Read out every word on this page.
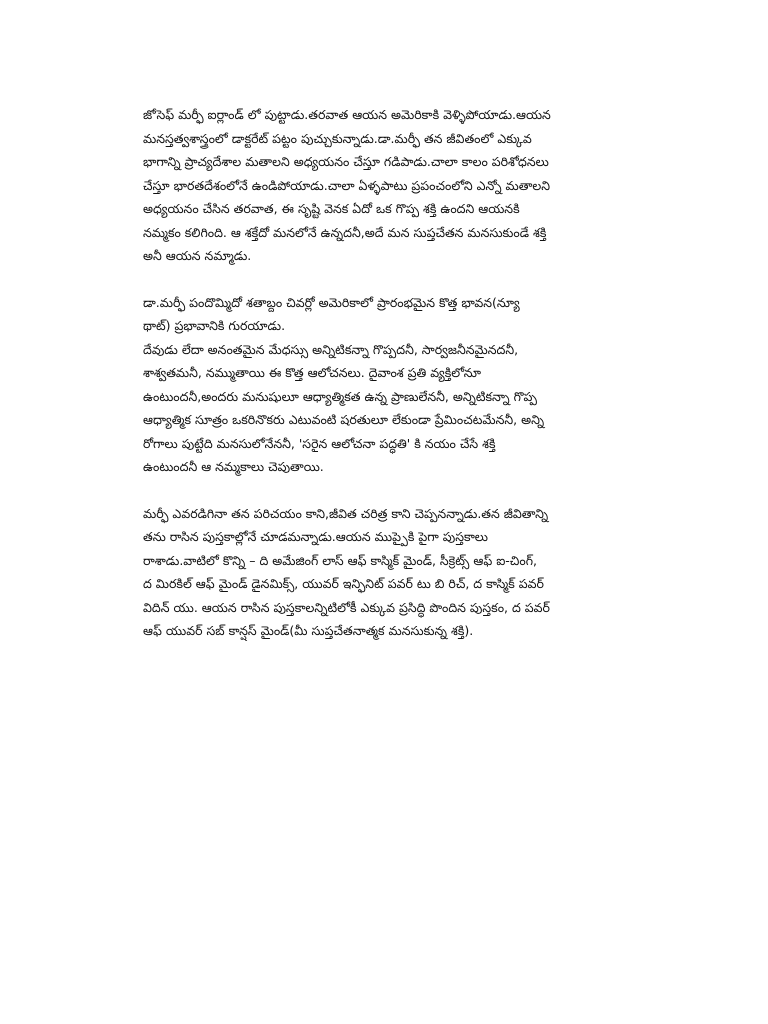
జోసెఫ్ మర్ఫీ ఐర్లాండ్ లో పుట్టాడు.తరవాత ఆయన అమెరికాకి వెళ్ళిపోయాడు.ఆయన
మనస్తత్వశాస్త్రంలో డాక్టరేట్ పట్టం పుచ్చుకున్నాడు.డా.మర్ఫీ తన జీవితంలో ఎక్కువ
భాగాన్ని ప్రాచ్యదేశాల మతాలని అధ్యయనం చేస్తూ గడిపాడు.చాలా కాలం పరిశోధనలు
చేస్తూ భారతదేశంలోనే ఉండిపోయాడు.చాలా ఏళ్ళపాటు ప్రపంచంలోని ఎన్నో మతాలని
అధ్యయనం చేసిన తరవాత, ఈ సృష్టి వెనక ఏదో ఒక గొప్ప శక్తి ఉందని ఆయనకి
నమ్మకం కలిగింది. ఆ శక్తేదో మనలోనే ఉన్నదనీ,అదే మన సుప్తచేతన మనసుకుండే శక్తి
అనీ ఆయన నమ్మాడు.
డా.మర్ఫీ పందొమ్మిదో శతాబ్దం చివర్లో అమెరికాలో ప్రారంభమైన కొత్త భావన(న్యూ
థాట్) ప్రభావానికి గురయాడు.
దేవుడు లేదా అనంతమైన మేధస్సు అన్నిటికన్నా గొప్పదనీ, సార్వజనీనమైనదనీ,
శాశ్వతమనీ, నమ్ముతాయి ఈ కొత్త ఆలోచనలు. దైవాంశ ప్రతి వ్యక్తిలోనూ
ఉంటుందనీ,అందరు మనుషులూ ఆధ్యాత్మికత ఉన్న ప్రాణులేననీ, అన్నిటికన్నా గొప్ప
ఆధ్యాత్మిక సూత్రం ఒకరినొకరు ఎటువంటి షరతులూ లేకుండా ప్రేమించటమేననీ, అన్ని
రోగాలు పుట్టేది మనసులోనేననీ, 'సరైన ఆలోచనా పద్ధతి' కి నయం చేసే శక్తి
ఉంటుందనీ ఆ నమ్మకాలు చెపుతాయి.
మర్ఫీ ఎవరడిగినా తన పరిచయం కాని,జీవిత చరిత్ర కాని చెప్పనన్నాడు.తన జీవితాన్ని
తను రాసిన పుస్తకాల్లోనే చూడమన్నాడు.ఆయన ముప్పైకి పైగా పుస్తకాలు
రాశాడు.వాటిలో కొన్ని – ది అమేజింగ్ లాస్ ఆఫ్ కాస్మిక్ మైండ్, సీక్రెట్స్ ఆఫ్ ఐ-చింగ్,
ద మిరకిల్ ఆఫ్ మైండ్ డైనమిక్స్, యువర్ ఇన్ఫినిట్ పవర్ టు బి రిచ్, ద కాస్మిక్ పవర్
విదిన్ యు. ఆయన రాసిన పుస్తకాలన్నిటిలోకీ ఎక్కువ ప్రసిద్ధి పొందిన పుస్తకం, ద పవర్
ఆఫ్ యువర్ సబ్ కాన్షస్ మైండ్(మీ సుప్తచేతనాత్మక మనసుకున్న శక్తి).
